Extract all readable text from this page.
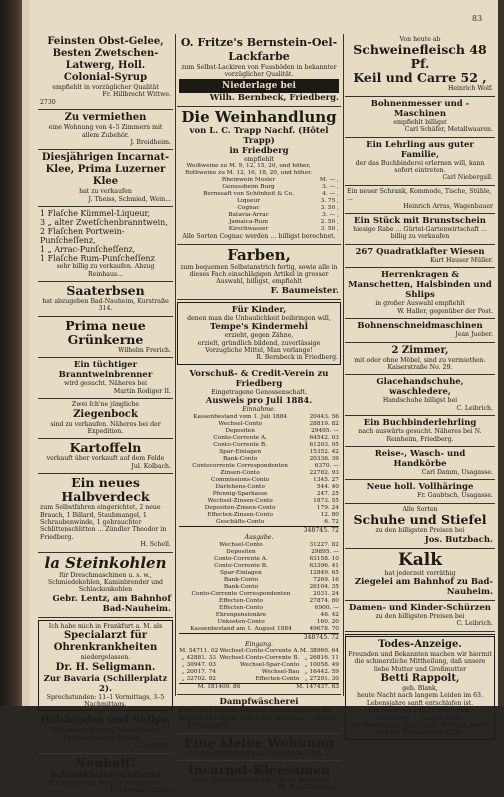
83

Feinsten Obst-Gelee, Besten Zwetschen-Latwerg, Holl. Colonial-Syrup

empfiehlt in vorzüglicher Qualität

Fr. Hillbrecht Wittwe.

2730

Zu vermiethen

eine Wohnung von 4–5 Zimmern mit allem Zubehör.

J. Breidheim.

Diesjährigen Incarnat-Klee, Prima Luzerner Klee

hat zu verkaufen

J. Theiss, Schmied, Wein...

1 Flaſche Kümmel-Liqueur,

3 „ alter Zwetſchenbranntwein,

2 Flaſchen Portwein-Punſcheſſenz,

1 „ Arrac-Punſcheſſenz,

1 Flaſche Rum-Punſcheſſenz

sehr billig zu verkaufen. Abzug Reinhaus...

Saaterbsen

hat abzugeben Bad-Nauheim, Kurstraße 314.

Prima neue Grünkerne

Wilhelm Frerich.

Ein tüchtiger Branntweinbrenner

wird gesucht. Näheres bei

Martin Rodiger II.

Zwei ſch'ne jüngliche

Ziegenbock

sind zu verkaufen. Näheres bei der Expedition.

Kartoffeln

verkauft über verkauft auf dem Felde

Jul. Kolbach.

Ein neues Halbverdeck

zum Selbstfahren eingerichtet, 2 neue Brauch, 1 Billard, Staubmangel, 1 Schraubenwinde, 1 gebrauchter Schlittenschlitten ... Zündler Theodor in Friedberg.

H. Schell.

la Steinkohlen

für Dreschmaschinen u. s. w., Schmiedekohlen, Kaminbrender und Schlackenkohlen

Gebr. Lentz, am Bahnhof Bad-Nauheim.

Ich habe mich in Frankfurt a. M. als

Specialarzt für Ohrenkrankheiten

niedergelassen.

Dr. H. Seligmann.

Zur Bavaria (Schillerplatz 2).

Sprechstunden: 11–1 Vormittags, 3–5 Nachmittags.

Halsbinden und Shlips,

Vorhemden, Kragen, Manschetten, Umschlagtücher, Jerseys ...

C. Leibrich.

Neuheit!

Schlankhalter-Corsetts

für Damen und Mädchen billigst bei

Wilhelmine Schmit.

O. Fritze's Bernstein-Oel-Lackfarbe

zum Selbst-Lackiren von Fussböden in bekannter vorzüglicher Qualität.

Niederlage bei

Wilh. Bernbeck, Friedberg.

Die Weinhandlung

von L. C. Trapp Nachf. (Hôtel Trapp)

in Friedberg

empfiehlt

Weißweine zu M. 9, 12, 15, 20, und höher,	
Rothweine zu M. 12, 16, 18, 20, und höher.	
Rheinwein Mosler	M. — ,
Genussbeim Burg	3. — ,
Bernesaft von Schönheit & Co.	4. — ,
Liqueur	3. 75 ,
Cognac	3. 50 ,
Batavia-Arrac	3. — ,
Jamaica-Rum	2. 50 ,
Kirschwasser	3. 50 ,

Alle Sorten Cognac werden ... billigst berechnet.

Farben,

zum bequemen Selbstanstrich fertig, sowie alle in dieses Fach einschlägigen Artikel in grosser Auswahl, billigst, empfiehlt

F. Baumeister.

Für Kinder,

denen man die Unbaulichkeit beibringen will,

Tempe's Kindermehl

erzieht, gegen Zähne,

erzielt, gründlich bildend, zuverlässige Vorzugliche Mittel, Man verlange!

R. Bernbeck in Friedberg.

Vorschuß- & Credit-Verein zu Friedberg

Eingetragene Genossenschaft.

Ausweis pro Juli 1884.

Einnahme.

Kassenbestand vom 1. Juli 1884	20443. 56
Wechsel-Conto	28819. 82
Depositen	29495. —
Conto-Corrente A.	64542. 03
Conto-Corrente B.	61203. 95
Spar-Einlagen	15352. 42
Bank-Conto	20336. 39
Contocorrente Correspondenten	6370. —
Zinsen-Conto	22782. 93
Commissions-Conto	1345. 27
Darlehens-Conto	544. 40
Pfennig-Sparkasse	247. 25
Wechsel-Zinsen-Conto	1873. 55
Depositen-Zinsen-Conto	179. 24
Effecten-Zinsen-Conto	12. 80
Geschäfts-Conto	6. 72

348745. 72

Ausgabe.

Wechsel-Conto	31227. 82
Depositen	29895. —
Conto-Corrente A.	63158. 10
Conto-Corrente B.	63396. 41
Spar-Einlagen	12849. 65
Bank-Conto	7269. 16
Bank-Conto	26104. 35
Conto-Corrente Correspondenten	2031. 24
Effecten-Conto	27874. 80
Effecten-Conto	6900. —
Ehrenpensionäre	46. 42
Unkosten-Conto	160. 20
Kassenbestand am 1. August 1884	49678. 70

348745. 72

Eingang.

M. 54711. 02	Wechsel-Conto-Corrente A.	M. 38960. 64
„ 42881. 33	Wechsel-Conto-Corrente B.	„ 26816. 11
„ 30947. 03	Wechsel-Spar-Conto	„ 10058. 49
„ 20017. 74	Wechsel-Bau	„ 16442. 59
„ 32702. 92	Effecten-Conto	„ 27291. 30
M. 181409. 86	M. 147437. 63

Dampfwäscherei

Beste aller kleinen Waaren! In allen Zweigen der Wäsche hält bei W. Holl & Co. Weidenau ... ferner ... Bezugsquelle

Eine kleine Wohnung

für eine stille Familie zu vermiethen, auch ...

Incarnat-Kleesamen

(neuer Qualität) empfiehlt à 30 Pf. per Pfund

Ph. Zeu. Trommels.

Von heute ab

Schweinefleisch 48 Pf.

Keil und Carre 52 ,

Heinrich Wolf.

Bohnenmesser und -Maschinen

empfiehlt billigst

Carl Schäfer, Metallwaaren.

Ein Lehrling aus guter Familie,

der das Buchbinderei erlernen will, kann sofort eintreten.

Carl Niebergall.

Ein neuer Schrank, Kommode, Tische, Stühle, ...

Heinrich Arras, Wagenbauer

Ein Stück mit Brunstschein

hiesige Rabe ... Gürtel-Gartenwirtschaft ... billig zu verkaufen

267 Quadratklafter Wiesen

Kurt Hauser Müller.

Herrenkragen & Manschetten, Halsbinden und Shlips

in großer Auswahl empfiehlt

W. Haller, gegenüber der Post.

Bohnenschneidmaschinen

Jean Jueber.

2 Zimmer,

mit oder ohne Möbel, sind zu vermiethen. Kaiserstraße No. 29.

Glacehandschuhe, waschledere,

Handschuhe billigst bei

C. Leibrich.

Ein Buchbinderlehrling

nach auswärts gesucht. Näheres bei N. Reinheim, Friedberg.

Reise-, Wasch- und Handkörbe

Carl Damm, Usagasse.

Neue holl. Vollhäringe

Fr. Gaubtsch, Usagasse.

Alle Sorten

Schuhe und Stiefel

zu den billigsten Preisen bei

Jos. Butzbach.

Kalk

hat jederzeit vorräthig

Ziegelei am Bahnhof zu Bad-Nauheim.

Damen- und Kinder-Schürzen

zu den billigsten Preisen bei

C. Leibrich.

Todes-Anzeige.

Freunden und Bekannten machen wir hiermit die schmerzliche Mittheilung, daß unsere liebe Mutter und Großmutter

Betti Rappolt,

geb. Blank,

heute Nacht nach langem Leiden im 63. Lebensjahre sanft entschlafen ist.

Die trauernden Hinterbliebenen.

Friedberg, 1. August 1884.

Die Beerdigung findet statt: Sonntag den 3. August, Nachmittags 4 Uhr.
